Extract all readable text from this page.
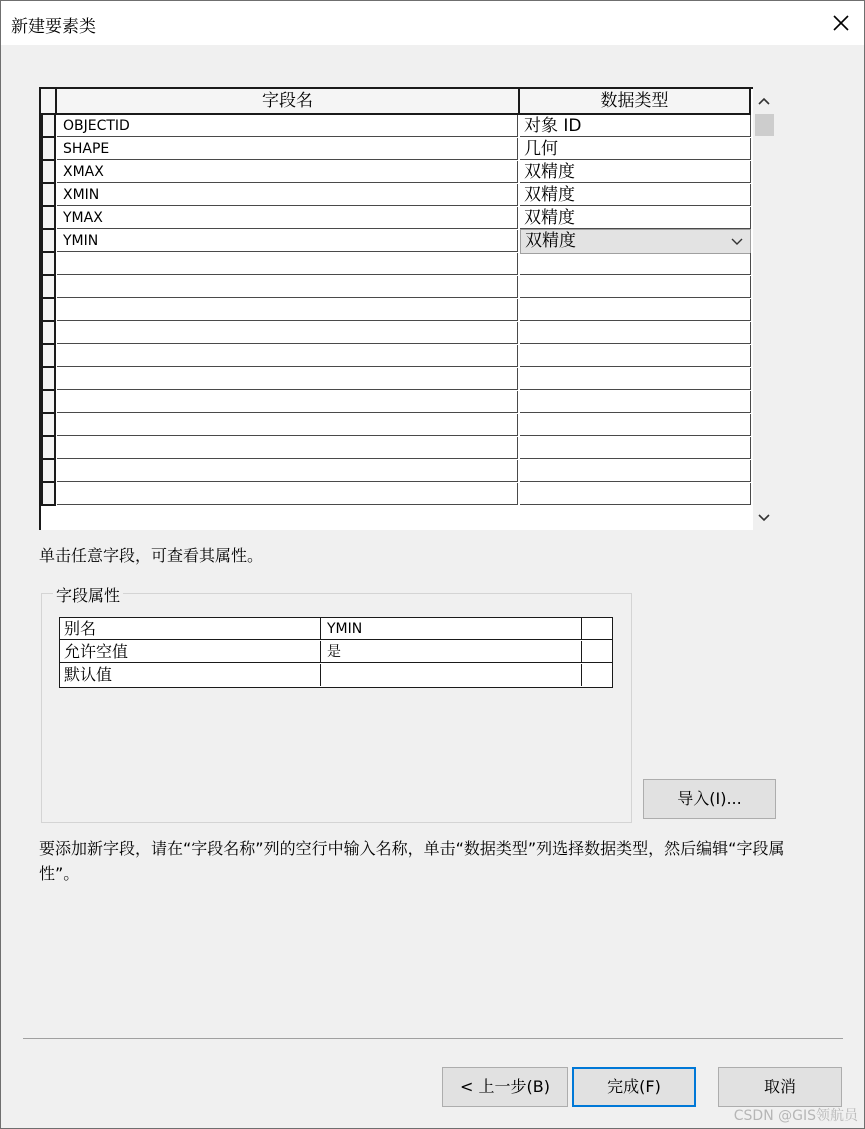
新建要素类
字段名	数据类型
OBJECTID	对象 ID
SHAPE	几何
XMAX	双精度
XMIN	双精度
YMAX	双精度
YMIN	双精度
单击任意字段，可查看其属性。
字段属性
别名	YMIN
允许空值	是
默认值
导入(I)...
要添加新字段，请在“字段名称”列的空行中输入名称，单击“数据类型”列选择数据类型，然后编辑“字段属性”。
< 上一步(B)	完成(F)	取消
CSDN @GIS领航员
